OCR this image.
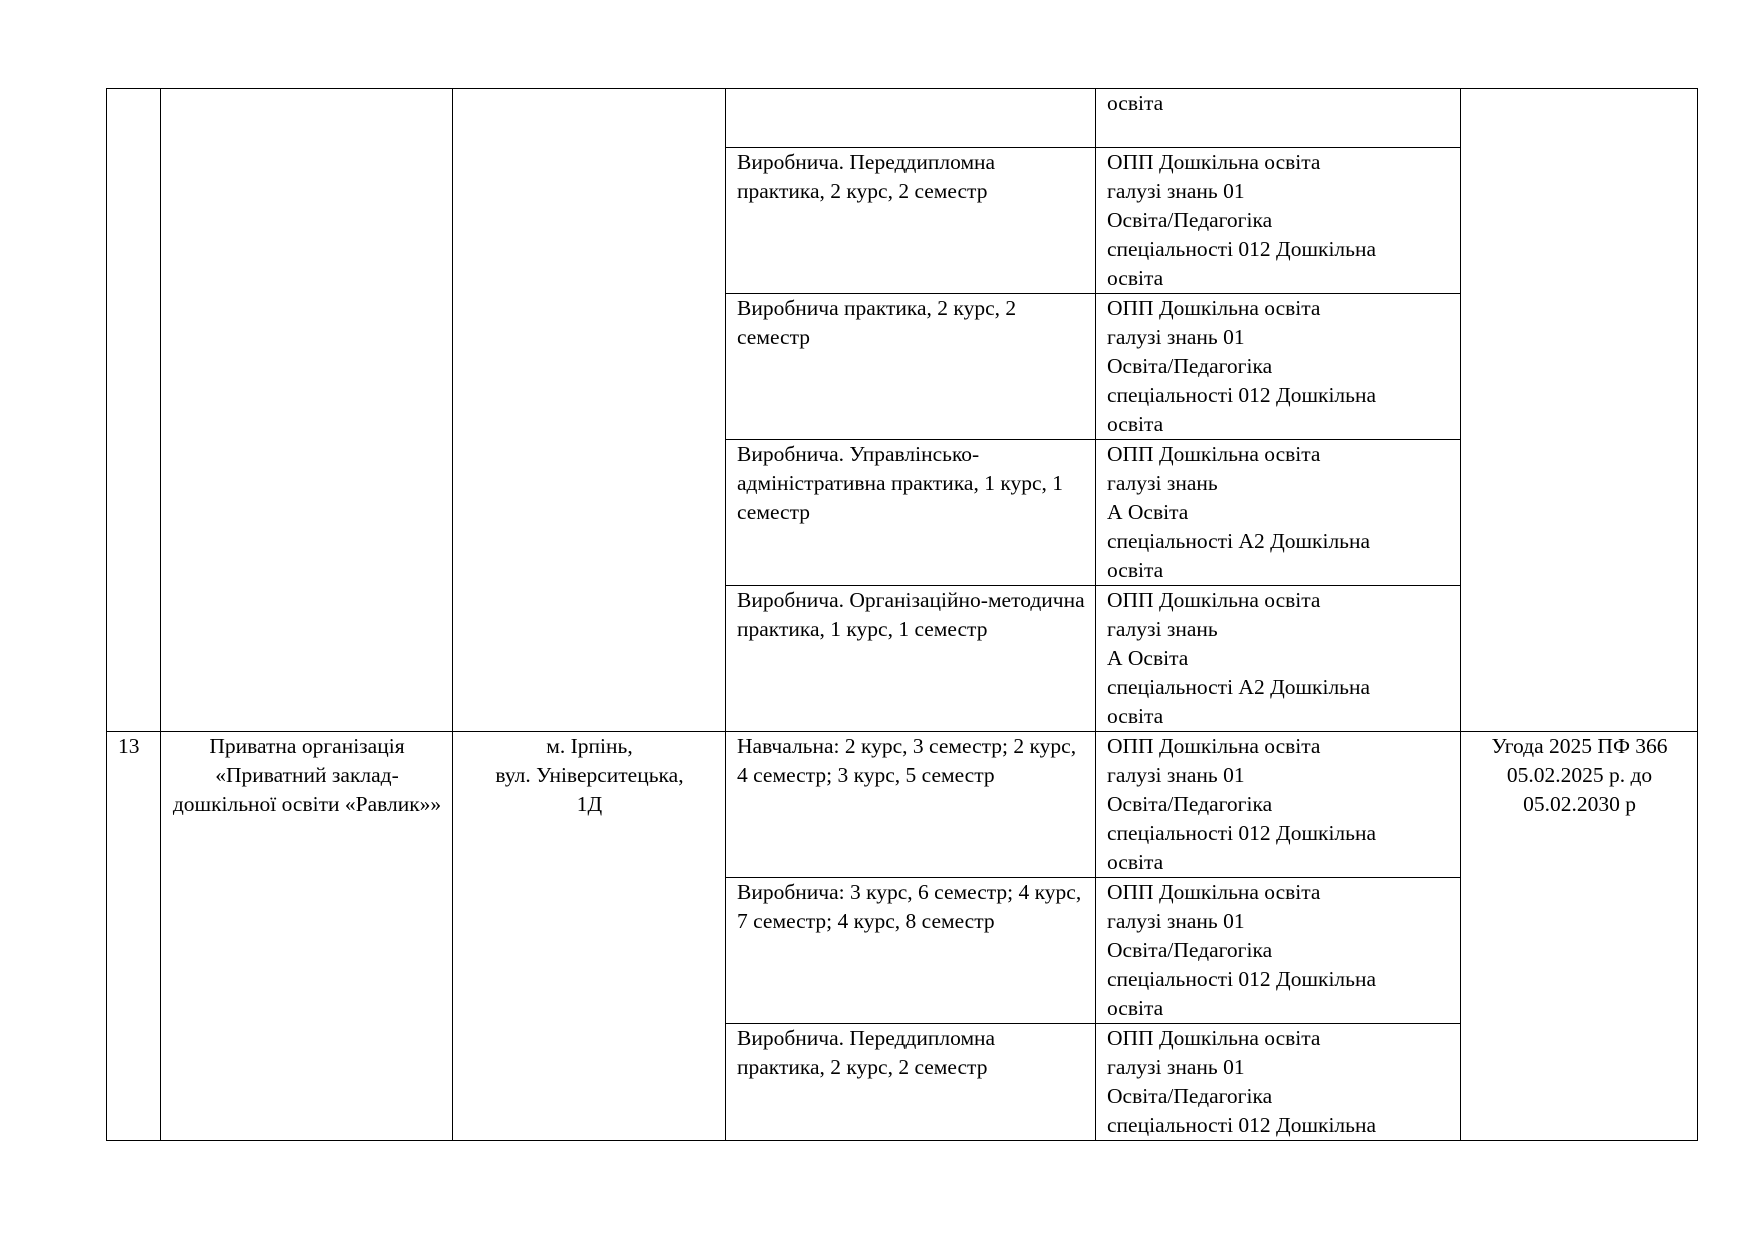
				освіта	
			Виробнича. Переддипломна практика, 2 курс, 2 семестр	ОПП Дошкільна освіта
галузі знань 01
Освіта/Педагогіка
спеціальності 012 Дошкільна
освіта	
			Виробнича практика, 2 курс, 2 семестр	ОПП Дошкільна освіта
галузі знань 01
Освіта/Педагогіка
спеціальності 012 Дошкільна
освіта	
			Виробнича. Управлінсько-адміністративна практика, 1 курс, 1 семестр	ОПП Дошкільна освіта
галузі знань
А Освіта
спеціальності А2 Дошкільна
освіта	
			Виробнича. Організаційно-методична практика, 1 курс, 1 семестр	ОПП Дошкільна освіта
галузі знань
А Освіта
спеціальності А2 Дошкільна
освіта	
13	Приватна організація «Приватний заклад-дошкільної освіти «Равлик»»	м. Ірпінь,
вул. Університецька,
1Д	Навчальна: 2 курс, 3 семестр; 2 курс, 4 семестр; 3 курс, 5 семестр	ОПП Дошкільна освіта
галузі знань 01
Освіта/Педагогіка
спеціальності 012 Дошкільна
освіта	Угода 2025 ПФ 366 05.02.2025 р. до 05.02.2030 р
			Виробнича: 3 курс, 6 семестр; 4 курс, 7 семестр; 4 курс, 8 семестр	ОПП Дошкільна освіта
галузі знань 01
Освіта/Педагогіка
спеціальності 012 Дошкільна
освіта	
			Виробнича. Переддипломна практика, 2 курс, 2 семестр	ОПП Дошкільна освіта
галузі знань 01
Освіта/Педагогіка
спеціальності 012 Дошкільна	
